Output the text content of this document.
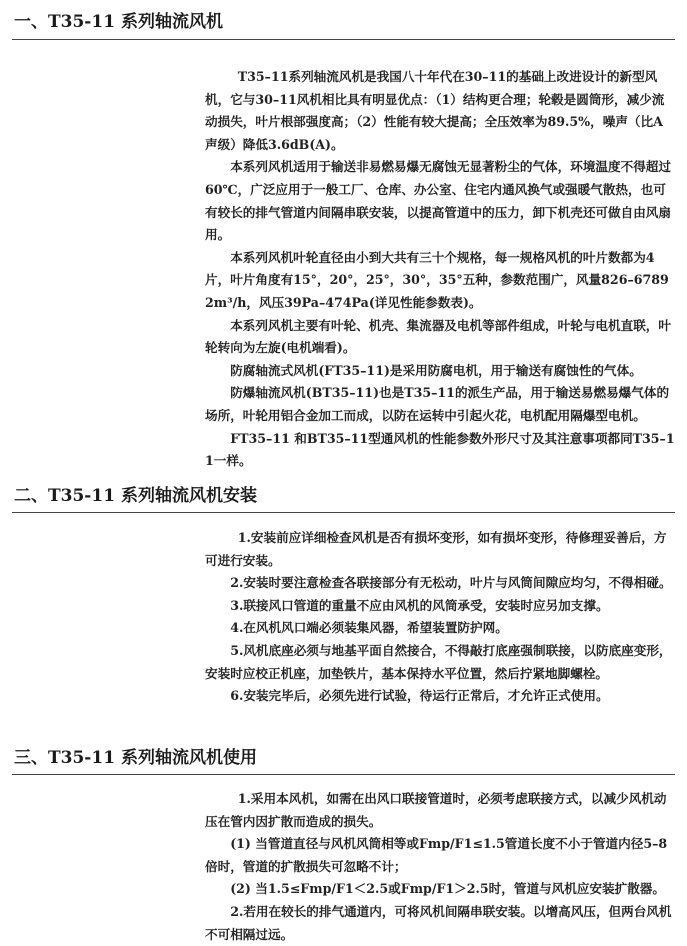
一、T35-11 系列轴流风机

T35–11系列轴流风机是我国八十年代在30–11的基础上改进设计的新型风机，它与30–11风机相比具有明显优点：（1）结构更合理；轮毂是圆筒形，减少流动损失，叶片根部强度高；（2）性能有较大提高；全压效率为89.5%，噪声（比A声级）降低3.6dB(A)。

本系列风机适用于输送非易燃易爆无腐蚀无显著粉尘的气体，环境温度不得超过60℃，广泛应用于一般工厂、仓库、办公室、住宅内通风换气或强暖气散热，也可有较长的排气管道内间隔串联安装，以提高管道中的压力，卸下机壳还可做自由风扇用。

本系列风机叶轮直径由小到大共有三十个规格，每一规格风机的叶片数都为4片，叶片角度有15°，20°，25°，30°，35°五种，参数范围广，风量826–67892m³/h，风压39Pa–474Pa(详见性能参数表)。

本系列风机主要有叶轮、机壳、集流器及电机等部件组成，叶轮与电机直联，叶轮转向为左旋(电机端看)。

防腐轴流式风机(FT35–11)是采用防腐电机，用于输送有腐蚀性的气体。

防爆轴流风机(BT35–11)也是T35–11的派生产品，用于输送易燃易爆气体的场所，叶轮用铝合金加工而成，以防在运转中引起火花，电机配用隔爆型电机。

FT35–11 和BT35–11型通风机的性能参数外形尺寸及其注意事项都同T35–11一样。

二、T35-11 系列轴流风机安装

1.安装前应详细检查风机是否有损坏变形，如有损坏变形，待修理妥善后，方可进行安装。

2.安装时要注意检查各联接部分有无松动，叶片与风筒间隙应均匀，不得相碰。

3.联接风口管道的重量不应由风机的风筒承受，安装时应另加支撑。

4.在风机风口端必须装集风器，希望装置防护网。

5.风机底座必须与地基平面自然接合，不得敲打底座强制联接，以防底座变形，安装时应校正机座，加垫铁片，基本保持水平位置，然后拧紧地脚螺栓。

6.安装完毕后，必须先进行试验，待运行正常后，才允许正式使用。

三、T35-11 系列轴流风机使用

1.采用本风机，如需在出风口联接管道时，必须考虑联接方式，以减少风机动压在管内因扩散而造成的损失。

(1) 当管道直径与风机风筒相等或Fmp/F1≤1.5管道长度不小于管道内径5–8倍时，管道的扩散损失可忽略不计；

(2) 当1.5≤Fmp/F1＜2.5或Fmp/F1＞2.5时，管道与风机应安装扩散器。

2.若用在较长的排气通道内，可将风机间隔串联安装。以增高风压，但两台风机不可相隔过远。
